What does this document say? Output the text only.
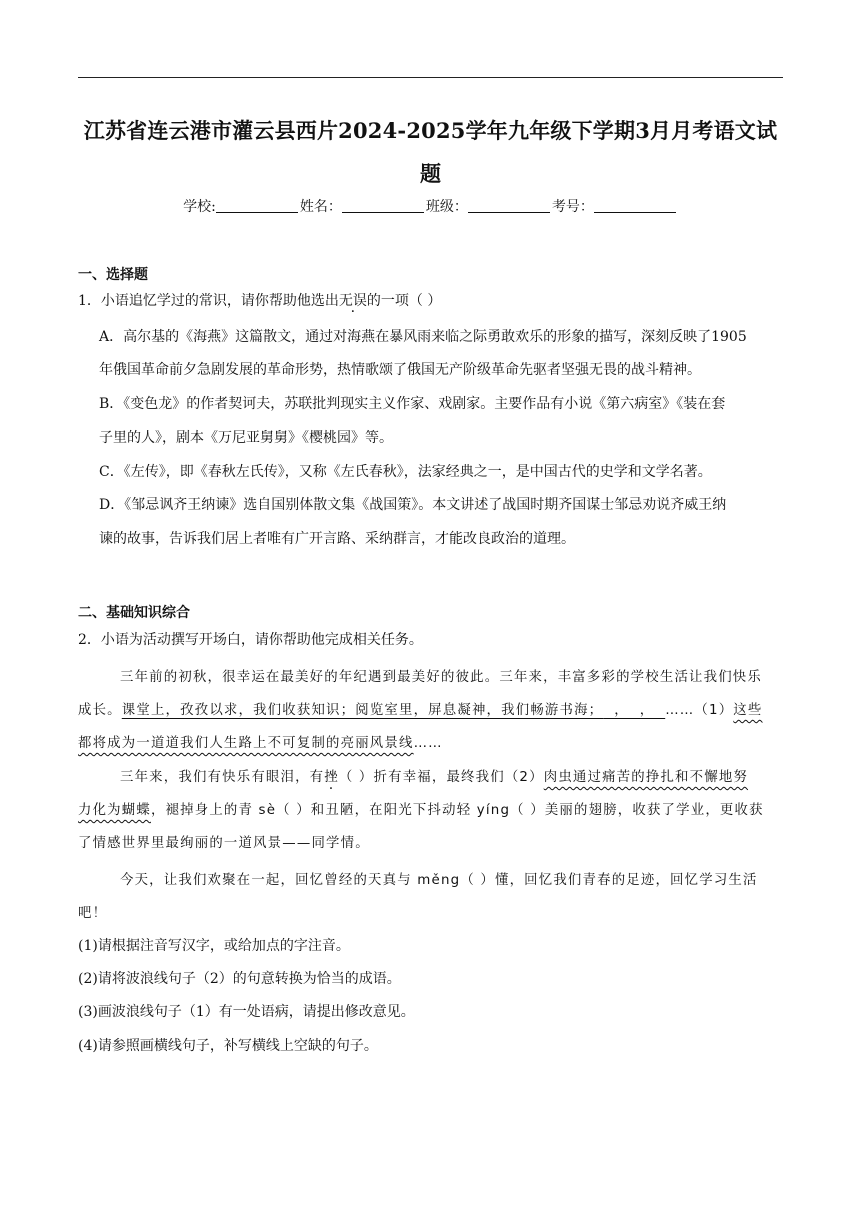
江苏省连云港市灌云县西片2024-2025学年九年级下学期3月月考语文试
题
学校:	姓名：	班级：	考号：
一、选择题
1．小语追忆学过的常识，请你帮助他选出无误的一项（ ）
A．高尔基的《海燕》这篇散文，通过对海燕在暴风雨来临之际勇敢欢乐的形象的描写，深刻反映了1905
年俄国革命前夕急剧发展的革命形势，热情歌颂了俄国无产阶级革命先驱者坚强无畏的战斗精神。
B．《变色龙》的作者契诃夫，苏联批判现实主义作家、戏剧家。主要作品有小说《第六病室》《装在套
子里的人》，剧本《万尼亚舅舅》《樱桃园》等。
C．《左传》，即《春秋左氏传》，又称《左氏春秋》，法家经典之一，是中国古代的史学和文学名著。
D．《邹忌讽齐王纳谏》选自国别体散文集《战国策》。本文讲述了战国时期齐国谋士邹忌劝说齐威王纳
谏的故事，告诉我们居上者唯有广开言路、采纳群言，才能改良政治的道理。
二、基础知识综合
2．小语为活动撰写开场白，请你帮助他完成相关任务。
三年前的初秋，很幸运在最美好的年纪遇到最美好的彼此。三年来，丰富多彩的学校生活让我们快乐
成长。课堂上，孜孜以求，我们收获知识；阅览室里，屏息凝神，我们畅游书海；  ，  ，  ……（1）这些
都将成为一道道我们人生路上不可复制的亮丽风景线……
三年来，我们有快乐有眼泪，有挫（ ）折有幸福，最终我们（2）肉虫通过痛苦的挣扎和不懈地努
力化为蝴蝶，褪掉身上的青 sè（ ）和丑陋，在阳光下抖动轻 yíng（ ）美丽的翅膀，收获了学业，更收获
了情感世界里最绚丽的一道风景——同学情。
今天，让我们欢聚在一起，回忆曾经的天真与 měng（ ）懂，回忆我们青春的足迹，回忆学习生活
吧！
(1)请根据注音写汉字，或给加点的字注音。
(2)请将波浪线句子（2）的句意转换为恰当的成语。
(3)画波浪线句子（1）有一处语病，请提出修改意见。
(4)请参照画横线句子，补写横线上空缺的句子。
